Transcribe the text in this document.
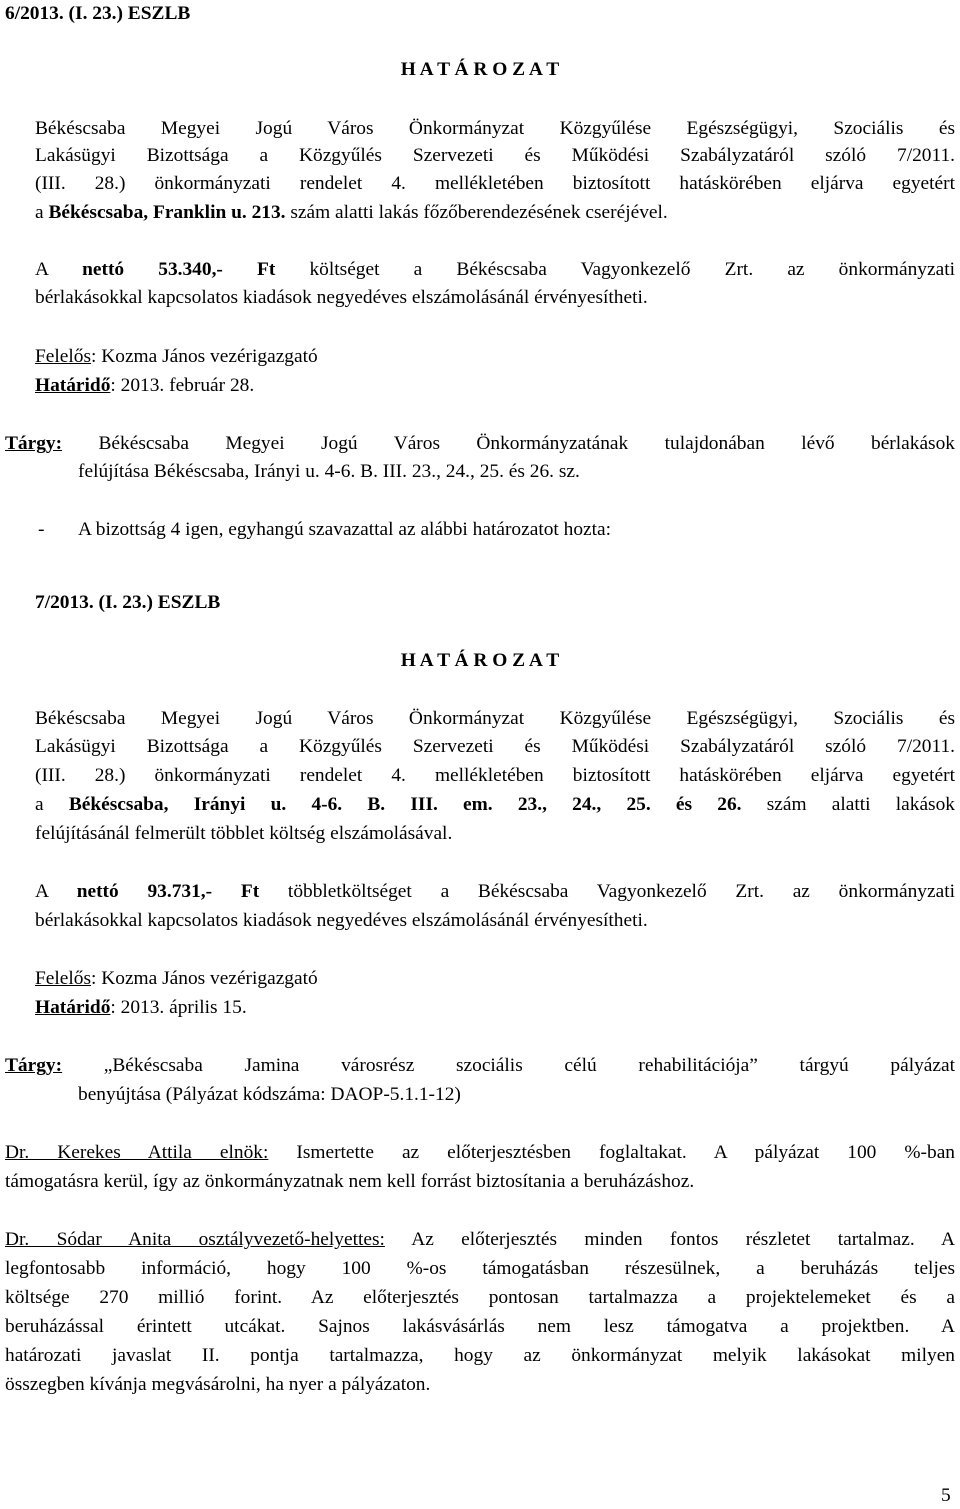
6/2013. (I. 23.) ESZLB
H A T Á R O Z A T
Békéscsaba Megyei Jogú Város Önkormányzat Közgyűlése Egészségügyi, Szociális és
Lakásügyi Bizottsága a Közgyűlés Szervezeti és Működési Szabályzatáról szóló 7/2011.
(III. 28.) önkormányzati rendelet 4. mellékletében biztosított hatáskörében eljárva egyetért
a Békéscsaba, Franklin u. 213. szám alatti lakás főzőberendezésének cseréjével.
A nettó 53.340,- Ft költséget a Békéscsaba Vagyonkezelő Zrt. az önkormányzati
bérlakásokkal kapcsolatos kiadások negyedéves elszámolásánál érvényesítheti.
Felelős: Kozma János vezérigazgató
Határidő: 2013. február 28.
Tárgy: Békéscsaba Megyei Jogú Város Önkormányzatának tulajdonában lévő bérlakások
felújítása Békéscsaba, Irányi u. 4-6. B. III. 23., 24., 25. és 26. sz.
- A bizottság 4 igen, egyhangú szavazattal az alábbi határozatot hozta:
7/2013. (I. 23.) ESZLB
H A T Á R O Z A T
Békéscsaba Megyei Jogú Város Önkormányzat Közgyűlése Egészségügyi, Szociális és
Lakásügyi Bizottsága a Közgyűlés Szervezeti és Működési Szabályzatáról szóló 7/2011.
(III. 28.) önkormányzati rendelet 4. mellékletében biztosított hatáskörében eljárva egyetért
a Békéscsaba, Irányi u. 4-6. B. III. em. 23., 24., 25. és 26. szám alatti lakások
felújításánál felmerült többlet költség elszámolásával.
A nettó 93.731,- Ft többletköltséget a Békéscsaba Vagyonkezelő Zrt. az önkormányzati
bérlakásokkal kapcsolatos kiadások negyedéves elszámolásánál érvényesítheti.
Felelős: Kozma János vezérigazgató
Határidő: 2013. április 15.
Tárgy: „Békéscsaba Jamina városrész szociális célú rehabilitációja” tárgyú pályázat
benyújtása (Pályázat kódszáma: DAOP-5.1.1-12)
Dr. Kerekes Attila elnök: Ismertette az előterjesztésben foglaltakat. A pályázat 100 %-ban
támogatásra kerül, így az önkormányzatnak nem kell forrást biztosítania a beruházáshoz.
Dr. Sódar Anita osztályvezető-helyettes: Az előterjesztés minden fontos részletet tartalmaz. A
legfontosabb információ, hogy 100 %-os támogatásban részesülnek, a beruházás teljes
költsége 270 millió forint. Az előterjesztés pontosan tartalmazza a projektelemeket és a
beruházással érintett utcákat. Sajnos lakásvásárlás nem lesz támogatva a projektben. A
határozati javaslat II. pontja tartalmazza, hogy az önkormányzat melyik lakásokat milyen
összegben kívánja megvásárolni, ha nyer a pályázaton.
5
